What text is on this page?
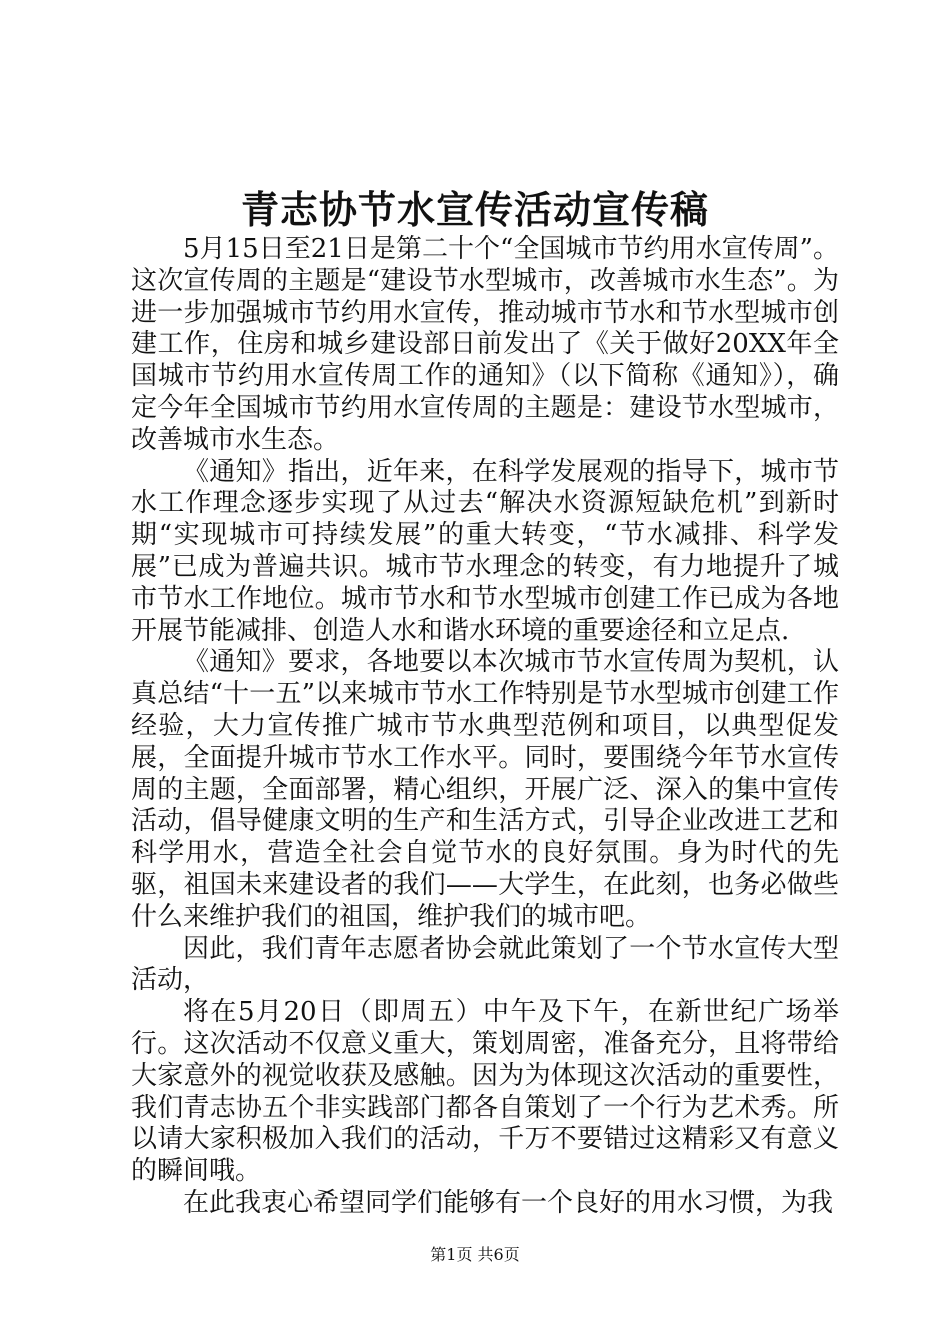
青志协节水宣传活动宣传稿

5月15日至21日是第二十个“全国城市节约用水宣传周”。这次宣传周的主题是“建设节水型城市，改善城市水生态”。为进一步加强城市节约用水宣传，推动城市节水和节水型城市创建工作，住房和城乡建设部日前发出了《关于做好20XX年全国城市节约用水宣传周工作的通知》（以下简称《通知》），确定今年全国城市节约用水宣传周的主题是：建设节水型城市，改善城市水生态。

《通知》指出，近年来，在科学发展观的指导下，城市节水工作理念逐步实现了从过去“解决水资源短缺危机”到新时期“实现城市可持续发展”的重大转变，“节水减排、科学发展”已成为普遍共识。城市节水理念的转变，有力地提升了城市节水工作地位。城市节水和节水型城市创建工作已成为各地开展节能减排、创造人水和谐水环境的重要途径和立足点.

《通知》要求，各地要以本次城市节水宣传周为契机，认真总结“十一五”以来城市节水工作特别是节水型城市创建工作经验，大力宣传推广城市节水典型范例和项目，以典型促发展，全面提升城市节水工作水平。同时，要围绕今年节水宣传周的主题，全面部署，精心组织，开展广泛、深入的集中宣传活动，倡导健康文明的生产和生活方式，引导企业改进工艺和科学用水，营造全社会自觉节水的良好氛围。身为时代的先驱，祖国未来建设者的我们——大学生，在此刻，也务必做些什么来维护我们的祖国，维护我们的城市吧。

因此，我们青年志愿者协会就此策划了一个节水宣传大型活动，

将在5月20日（即周五）中午及下午，在新世纪广场举行。这次活动不仅意义重大，策划周密，准备充分，且将带给大家意外的视觉收获及感触。因为为体现这次活动的重要性，我们青志协五个非实践部门都各自策划了一个行为艺术秀。所以请大家积极加入我们的活动，千万不要错过这精彩又有意义的瞬间哦。

在此我衷心希望同学们能够有一个良好的用水习惯，为我

第1页 共6页
